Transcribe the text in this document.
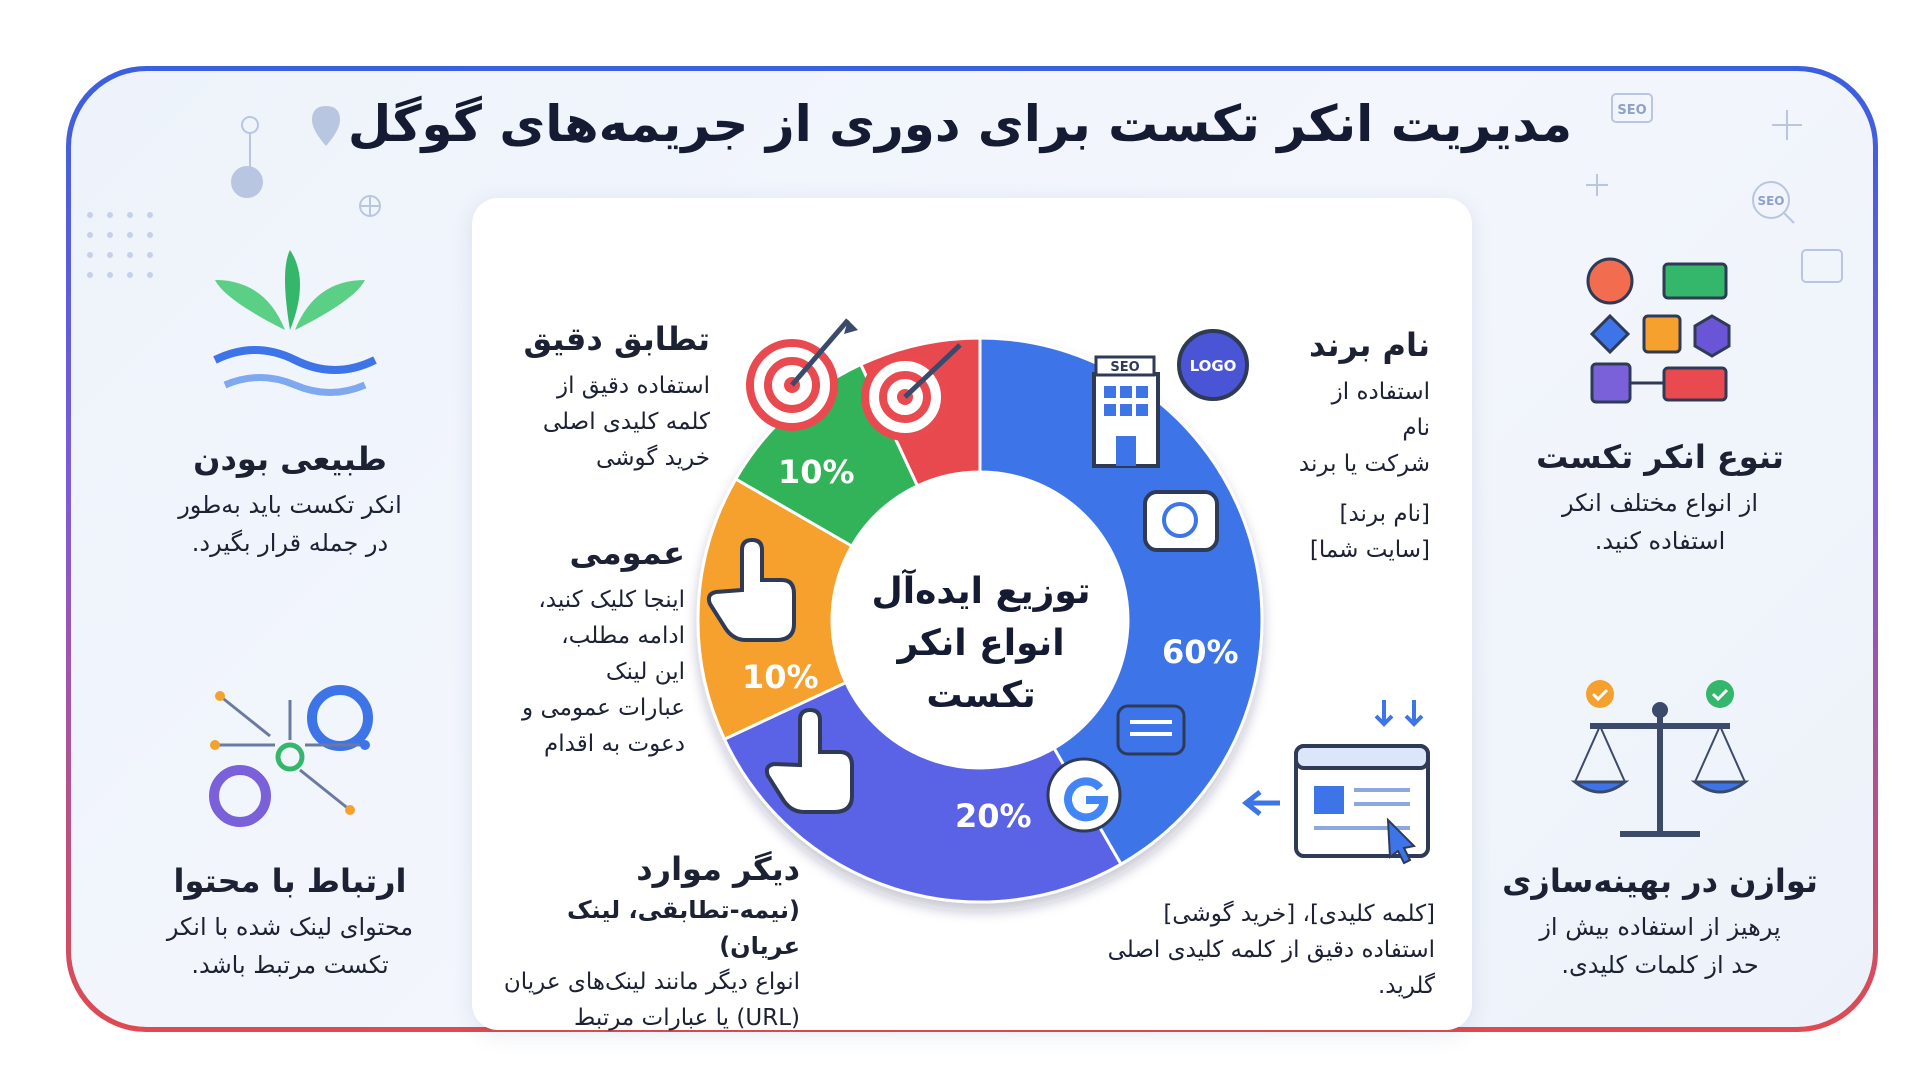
SEO
SEO
مدیریت انکر تکست برای دوری از جریمه‌های گوگل
توزیع ایده‌آل
انواع انکر تکست
60%
20%
10%
10%
SEO	LOGO
نام برند

استفاده از

نام

شرکت یا برند

[نام برند]

[سایت شما]

تطابق دقیق

استفاده دقیق از

کلمه کلیدی اصلی

خرید گوشی

عمومی

اینجا کلیک کنید،

ادامه مطلب،

این لینک

عبارات عمومی و

دعوت به اقدام

دیگر موارد

(نیمه-تطابقی، لینک عریان)

انواع دیگر مانند لینک‌های عریان

(URL) یا عبارات مرتبط

[کلمه کلیدی]، [خرید گوشی]

استفاده دقیق از کلمه کلیدی اصلی

گلرید.

طبیعی بودن

انکر تکست باید به‌طور

در جمله قرار بگیرد.

ارتباط با محتوا

محتوای لینک شده با انکر

تکست مرتبط باشد.

تنوع انکر تکست

از انواع مختلف انکر

استفاده کنید.

توازن در بهینه‌سازی

پرهیز از استفاده بیش از

حد از کلمات کلیدی.
